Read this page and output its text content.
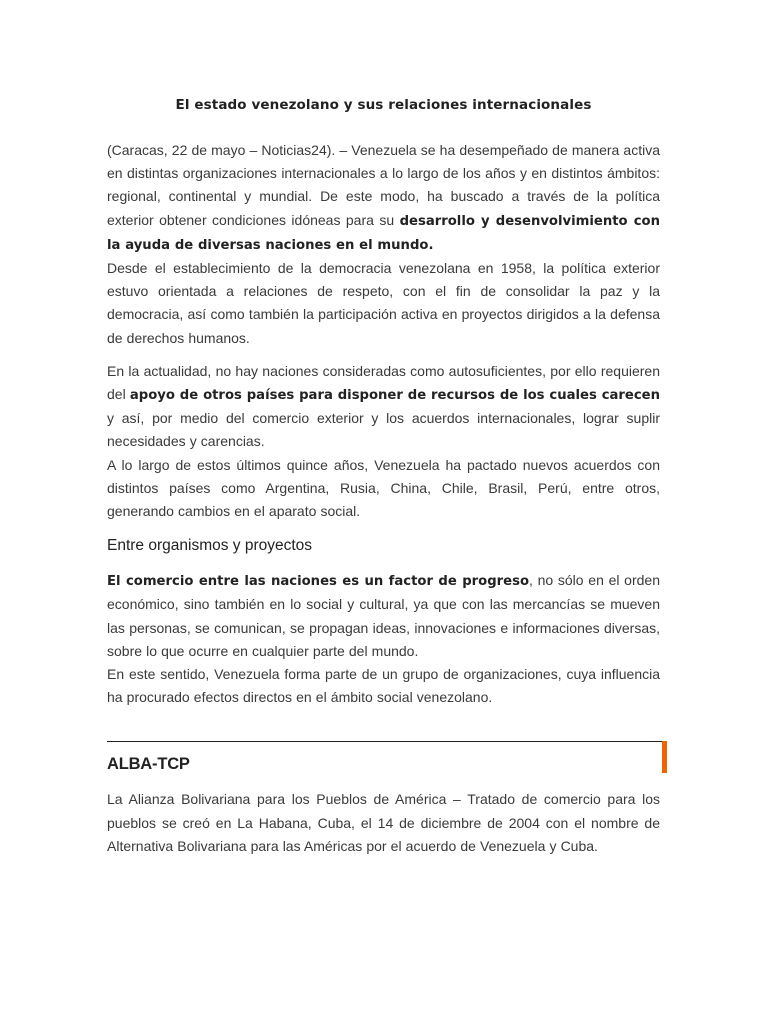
El estado venezolano y sus relaciones internacionales

(Caracas, 22 de mayo – Noticias24). – Venezuela se ha desempeñado de manera activa en distintas organizaciones internacionales a lo largo de los años y en distintos ámbitos: regional, continental y mundial. De este modo, ha buscado a través de la política exterior obtener condiciones idóneas para su desarrollo y desenvolvimiento con la ayuda de diversas naciones en el mundo.

Desde el establecimiento de la democracia venezolana en 1958, la política exterior estuvo orientada a relaciones de respeto, con el fin de consolidar la paz y la democracia, así como también la participación activa en proyectos dirigidos a la defensa de derechos humanos.

En la actualidad, no hay naciones consideradas como autosuficientes, por ello requieren del apoyo de otros países para disponer de recursos de los cuales carecen y así, por medio del comercio exterior y los acuerdos internacionales, lograr suplir necesidades y carencias.

A lo largo de estos últimos quince años, Venezuela ha pactado nuevos acuerdos con distintos países como Argentina, Rusia, China, Chile, Brasil, Perú, entre otros, generando cambios en el aparato social.

Entre organismos y proyectos

El comercio entre las naciones es un factor de progreso, no sólo en el orden económico, sino también en lo social y cultural, ya que con las mercancías se mueven las personas, se comunican, se propagan ideas, innovaciones e informaciones diversas, sobre lo que ocurre en cualquier parte del mundo.

En este sentido, Venezuela forma parte de un grupo de organizaciones, cuya influencia ha procurado efectos directos en el ámbito social venezolano.

ALBA-TCP

La Alianza Bolivariana para los Pueblos de América – Tratado de comercio para los pueblos se creó en La Habana, Cuba, el 14 de diciembre de 2004 con el nombre de Alternativa Bolivariana para las Américas por el acuerdo de Venezuela y Cuba.
